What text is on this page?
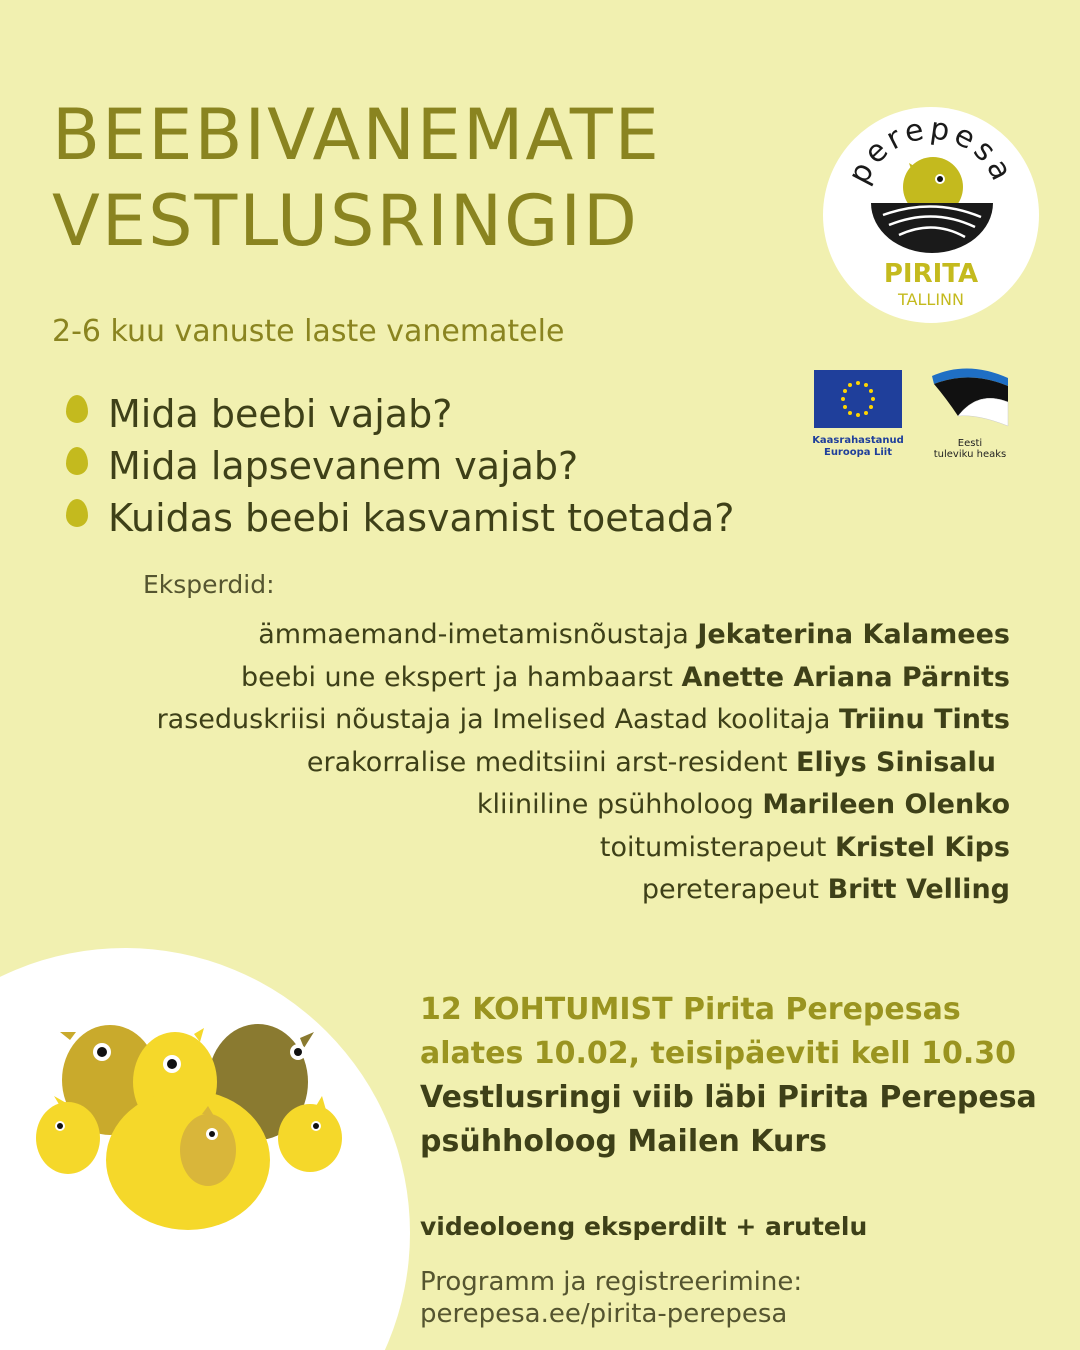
BEEBIVANEMATE
VESTLUSRINGID
2-6 kuu vanuste laste vanematele
Mida beebi vajab?
Mida lapsevanem vajab?
Kuidas beebi kasvamist toetada?
Eksperdid:
ämmaemand-imetamisnõustaja Jekaterina Kalamees
beebi une ekspert ja hambaarst Anette Ariana Pärnits
raseduskriisi nõustaja ja Imelised Aastad koolitaja Triinu Tints
erakorralise meditsiini arst-resident Eliys Sinisalu
kliiniline psühholoog Marileen Olenko
toitumisterapeut Kristel Kips
pereterapeut Britt Velling
perepesa
PIRITA
TALLINN
Kaasrahastanud
Euroopa Liit
Eesti
tuleviku heaks
12 KOHTUMIST Pirita Perepesas
alates 10.02, teisipäeviti kell 10.30
Vestlusringi viib läbi Pirita Perepesa
psühholoog Mailen Kurs
videoloeng eksperdilt + arutelu
Programm ja registreerimine:
perepesa.ee/pirita-perepesa
